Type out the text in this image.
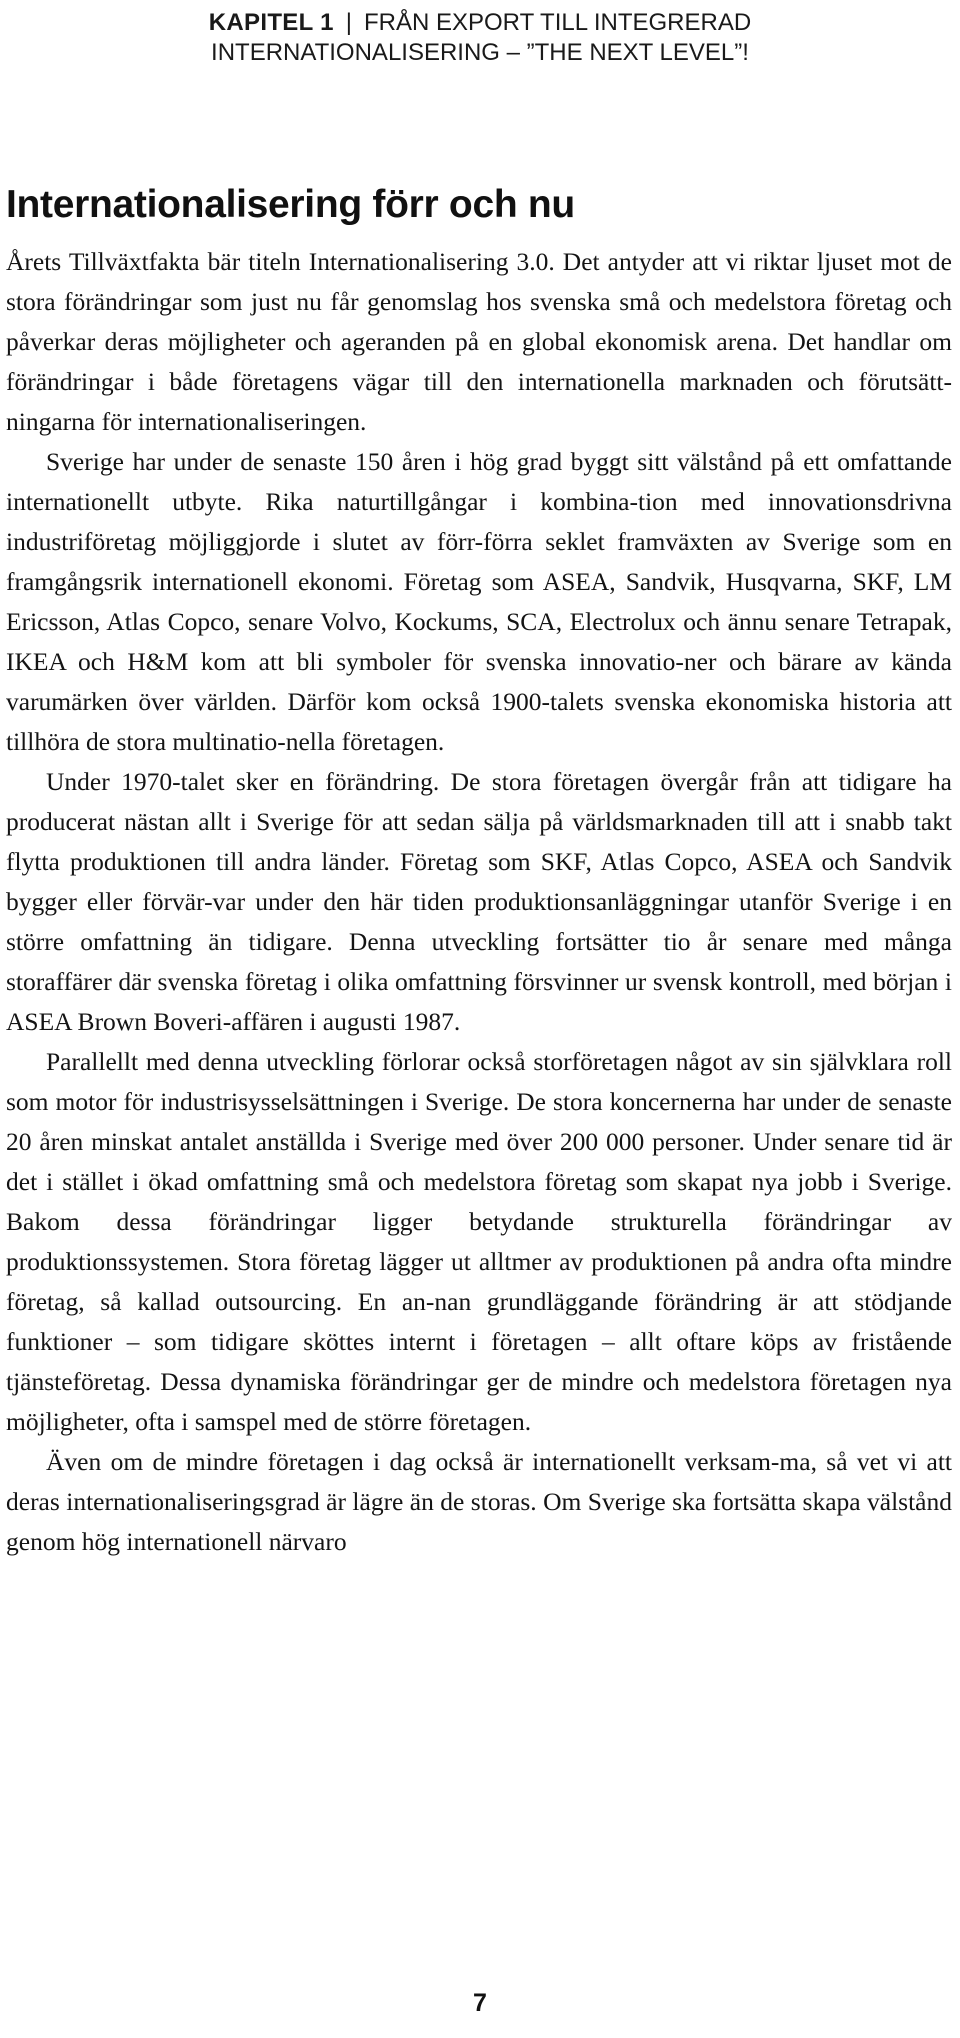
KAPITEL 1 | FRÅN EXPORT TILL INTEGRERAD
INTERNATIONALISERING – ”THE NEXT LEVEL”!
Internationalisering förr och nu

Årets Tillväxtfakta bär titeln Internationalisering 3.0. Det antyder att vi riktar ljuset mot de stora förändringar som just nu får genomslag hos svenska små och medelstora företag och påverkar deras möjligheter och ageranden på en global ekonomisk arena. Det handlar om förändringar i både företagens vägar till den internationella marknaden och förutsätt-ningarna för internationaliseringen.

Sverige har under de senaste 150 åren i hög grad byggt sitt välstånd på ett omfattande internationellt utbyte. Rika naturtillgångar i kombina-tion med innovationsdrivna industriföretag möjliggjorde i slutet av förr-förra seklet framväxten av Sverige som en framgångsrik internationell ekonomi. Företag som ASEA, Sandvik, Husqvarna, SKF, LM Ericsson, Atlas Copco, senare Volvo, Kockums, SCA, Electrolux och ännu senare Tetrapak, IKEA och H&M kom att bli symboler för svenska innovatio-ner och bärare av kända varumärken över världen. Därför kom också 1900-talets svenska ekonomiska historia att tillhöra de stora multinatio-nella företagen.

Under 1970-talet sker en förändring. De stora företagen övergår från att tidigare ha producerat nästan allt i Sverige för att sedan sälja på världsmarknaden till att i snabb takt flytta produktionen till andra länder. Företag som SKF, Atlas Copco, ASEA och Sandvik bygger eller förvär-var under den här tiden produktionsanläggningar utanför Sverige i en större omfattning än tidigare. Denna utveckling fortsätter tio år senare med många storaffärer där svenska företag i olika omfattning försvinner ur svensk kontroll, med början i ASEA Brown Boveri-affären i augusti 1987.

Parallellt med denna utveckling förlorar också storföretagen något av sin självklara roll som motor för industrisysselsättningen i Sverige. De stora koncernerna har under de senaste 20 åren minskat antalet anställda i Sverige med över 200 000 personer. Under senare tid är det i stället i ökad omfattning små och medelstora företag som skapat nya jobb i Sverige. Bakom dessa förändringar ligger betydande strukturella förändringar av produktionssystemen. Stora företag lägger ut alltmer av produktionen på andra ofta mindre företag, så kallad outsourcing. En an-nan grundläggande förändring är att stödjande funktioner – som tidigare sköttes internt i företagen – allt oftare köps av fristående tjänsteföretag. Dessa dynamiska förändringar ger de mindre och medelstora företagen nya möjligheter, ofta i samspel med de större företagen.

Även om de mindre företagen i dag också är internationellt verksam-ma, så vet vi att deras internationaliseringsgrad är lägre än de storas. Om Sverige ska fortsätta skapa välstånd genom hög internationell närvaro

7
